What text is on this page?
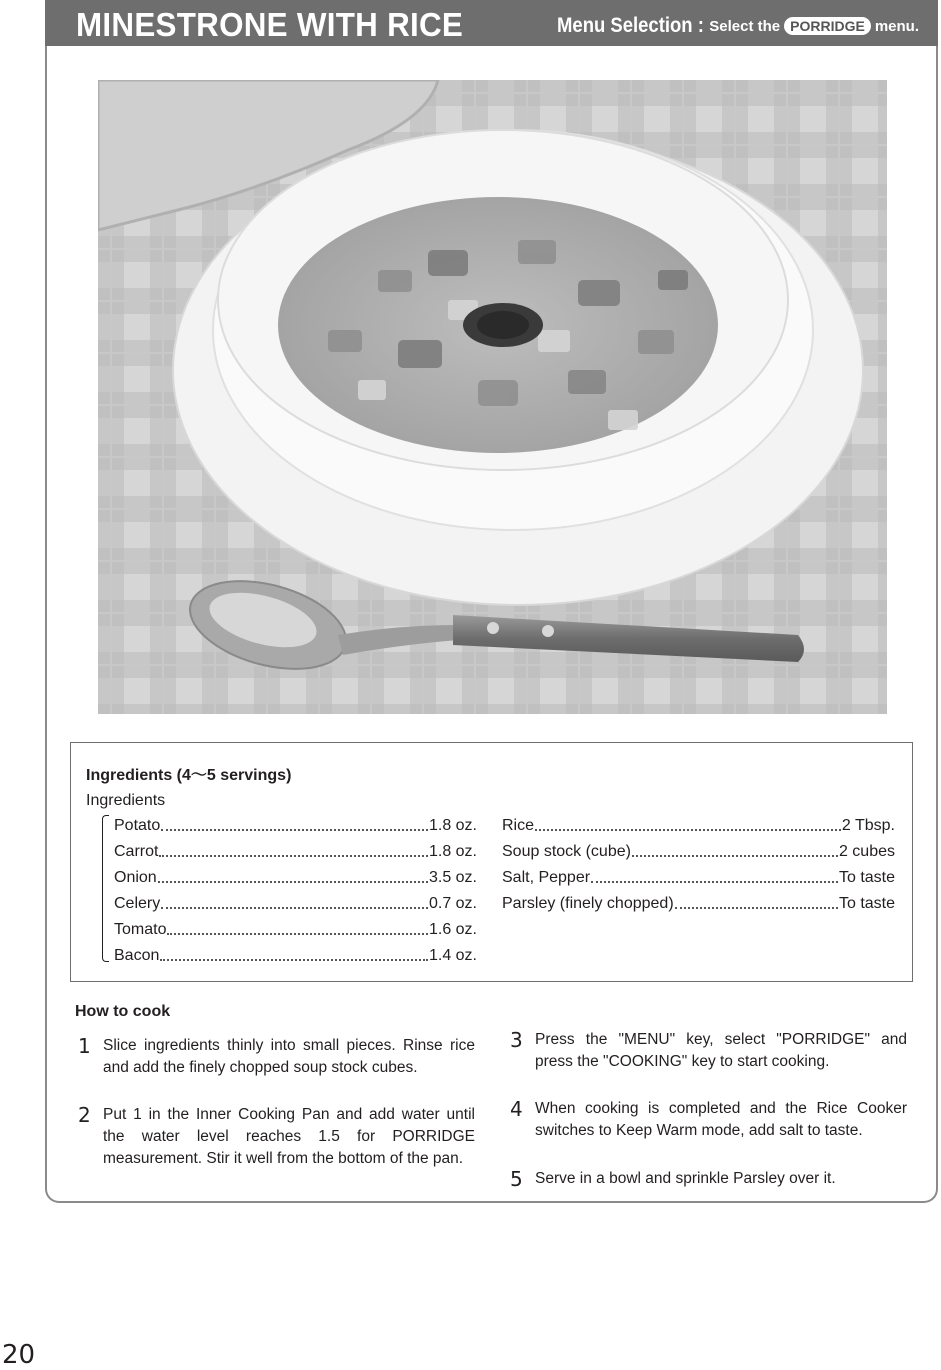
MINESTRONE WITH RICE	Menu Selection : Select the PORRIDGE menu.
Ingredients (4～5 servings)
Ingredients
Potato	1.8 oz.
Carrot	1.8 oz.
Onion	3.5 oz.
Celery	0.7 oz.
Tomato	1.6 oz.
Bacon	1.4 oz.
Rice	2 Tbsp.
Soup stock (cube)	2 cubes
Salt, Pepper	To taste
Parsley (finely chopped)	To taste
How to cook
1 Slice ingredients thinly into small pieces. Rinse rice and add the finely chopped soup stock cubes.
2 Put 1 in the Inner Cooking Pan and add water until the water level reaches 1.5 for PORRIDGE measurement. Stir it well from the bottom of the pan.
3 Press the "MENU" key, select "PORRIDGE" and press the "COOKING" key to start cooking.
4 When cooking is completed and the Rice Cooker switches to Keep Warm mode, add salt to taste.
5 Serve in a bowl and sprinkle Parsley over it.
20
